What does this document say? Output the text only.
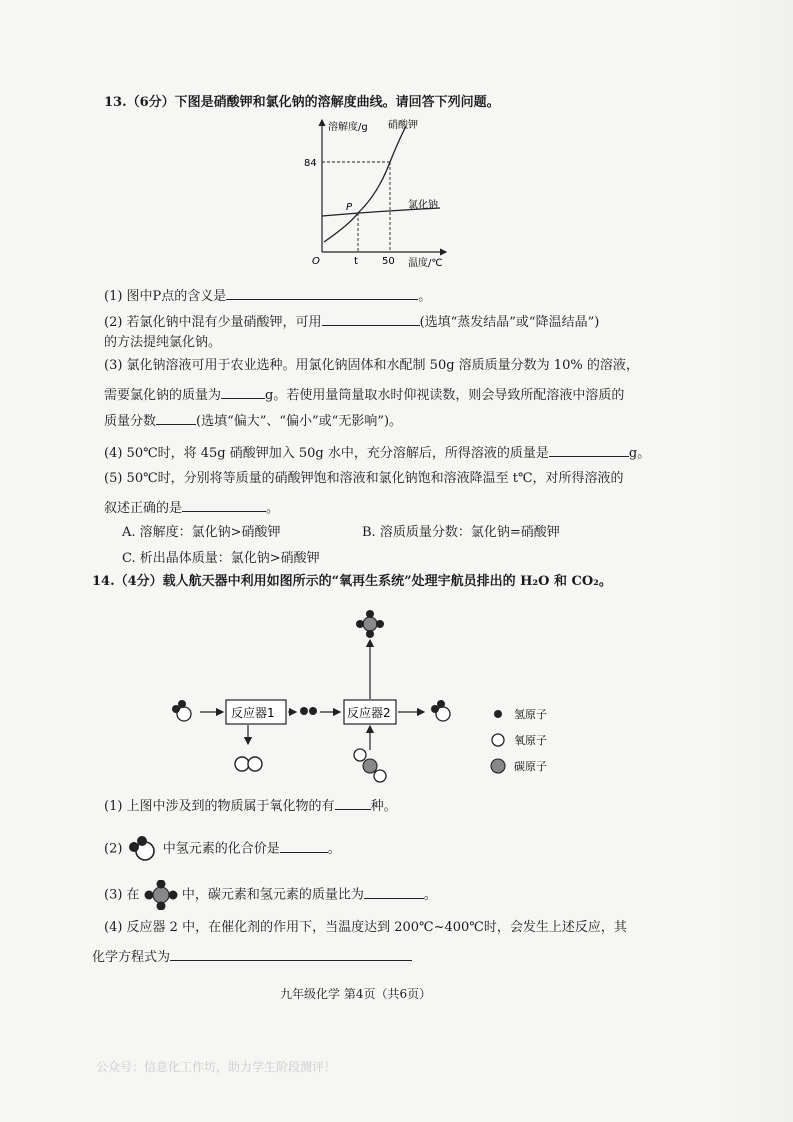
13.（6分）下图是硝酸钾和氯化钠的溶解度曲线。请回答下列问题。
溶解度/g 硝酸钾
氯化钠
84
O	t 50 温度/℃
P
(1) 图中P点的含义是	。
(2) 若氯化钠中混有少量硝酸钾，可用	(选填“蒸发结晶”或“降温结晶”)
的方法提纯氯化钠。
(3) 氯化钠溶液可用于农业选种。用氯化钠固体和水配制 50g 溶质质量分数为 10% 的溶液，
需要氯化钠的质量为	g。若使用量筒量取水时仰视读数，则会导致所配溶液中溶质的
质量分数	(选填“偏大”、“偏小”或“无影响”)。
(4) 50℃时，将 45g 硝酸钾加入 50g 水中，充分溶解后，所得溶液的质量是	g。
(5) 50℃时，分别将等质量的硝酸钾饱和溶液和氯化钠饱和溶液降温至 t℃，对所得溶液的
叙述正确的是	。
A. 溶解度：氯化钠>硝酸钾	B. 溶质质量分数：氯化钠=硝酸钾
C. 析出晶体质量：氯化钠>硝酸钾
14.（4分）载人航天器中利用如图所示的“氧再生系统”处理宇航员排出的 H₂O 和 CO₂。
反应器1	反应器2	氢原子
氧原子
碳原子
(1) 上图中涉及到的物质属于氧化物的有	种。
(2)	中氢元素的化合价是	。
(3) 在	中，碳元素和氢元素的质量比为	。
(4) 反应器 2 中，在催化剂的作用下，当温度达到 200℃~400℃时，会发生上述反应，其
化学方程式为
九年级化学 第4页（共6页）
公众号：信息化工作坊，助力学生阶段测评！
